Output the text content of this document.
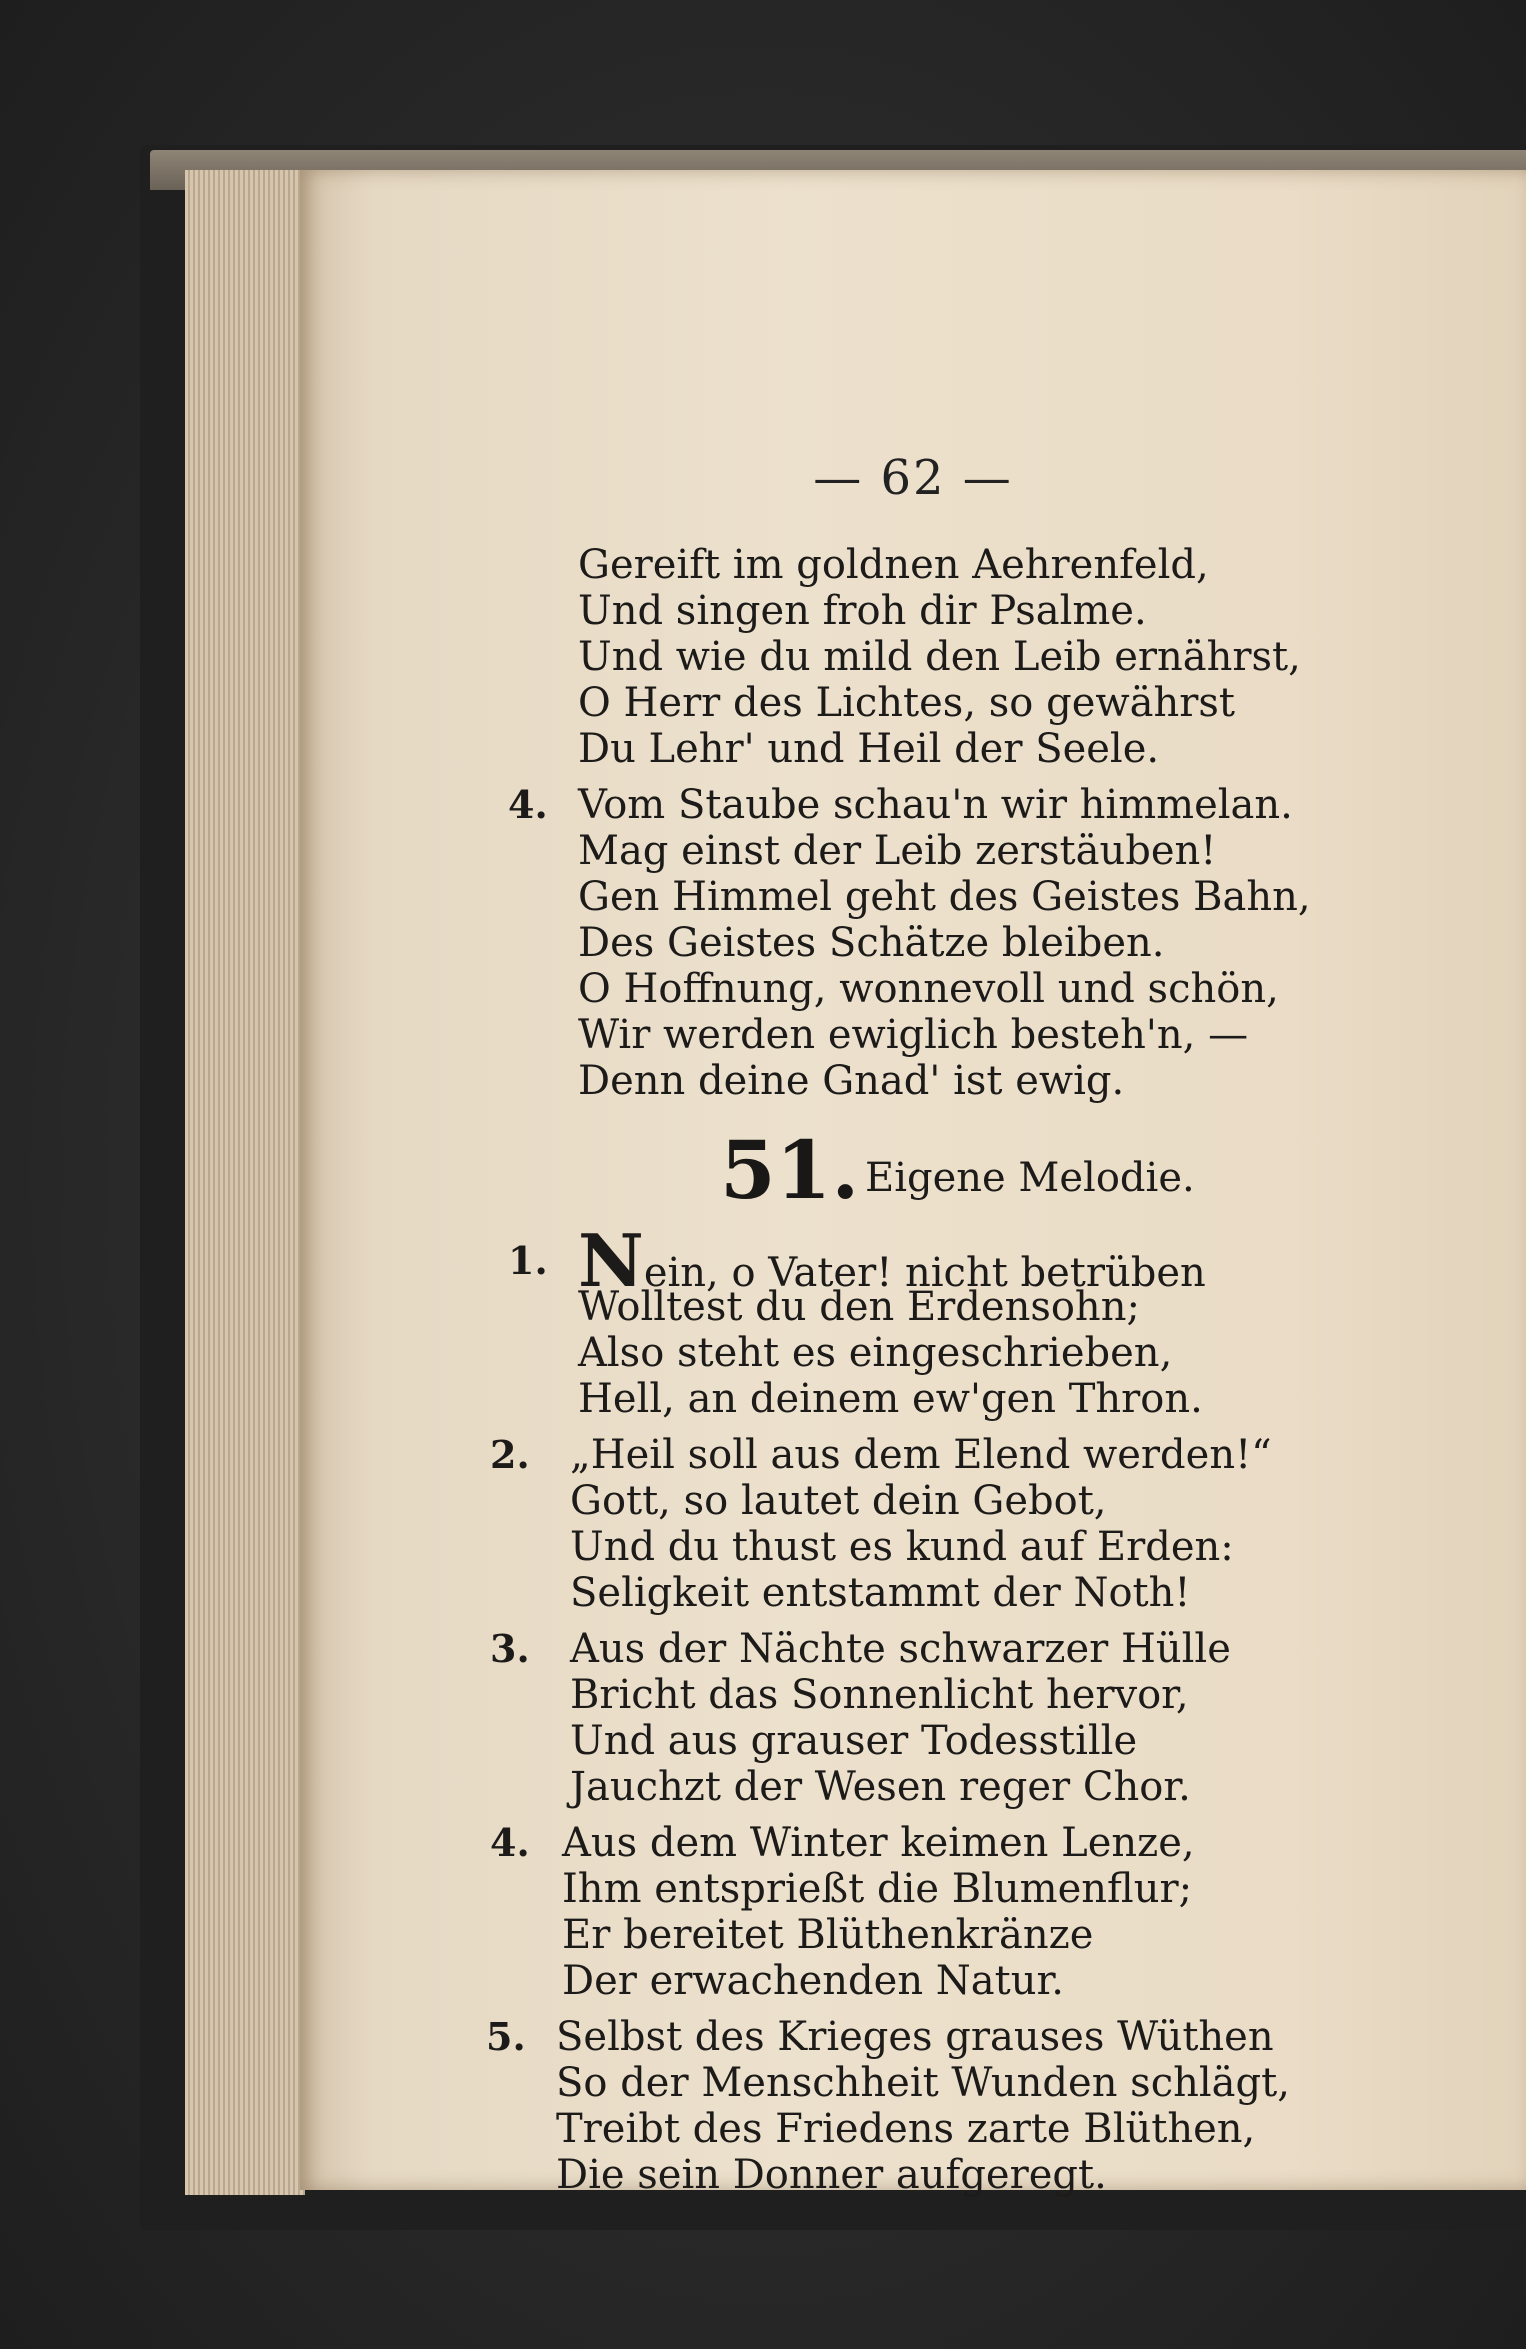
— 62 —
Gereift im goldnen Aehrenfeld,
Und singen froh dir Psalme.
Und wie du mild den Leib ernährst,
O Herr des Lichtes, so gewährst
Du Lehr' und Heil der Seele.
4. Vom Staube schau'n wir himmelan.
Mag einst der Leib zerstäuben!
Gen Himmel geht des Geistes Bahn,
Des Geistes Schätze bleiben.
O Hoffnung, wonnevoll und schön,
Wir werden ewiglich besteh'n, —
Denn deine Gnad' ist ewig.
51. Eigene Melodie.
1. Nein, o Vater! nicht betrüben
Wolltest du den Erdensohn;
Also steht es eingeschrieben,
Hell, an deinem ew'gen Thron.
2. „Heil soll aus dem Elend werden!“
Gott, so lautet dein Gebot,
Und du thust es kund auf Erden:
Seligkeit entstammt der Noth!
3. Aus der Nächte schwarzer Hülle
Bricht das Sonnenlicht hervor,
Und aus grauser Todesstille
Jauchzt der Wesen reger Chor.
4. Aus dem Winter keimen Lenze,
Ihm entsprießt die Blumenflur;
Er bereitet Blüthenkränze
Der erwachenden Natur.
5. Selbst des Krieges grauses Wüthen
So der Menschheit Wunden schlägt,
Treibt des Friedens zarte Blüthen,
Die sein Donner aufgeregt.
